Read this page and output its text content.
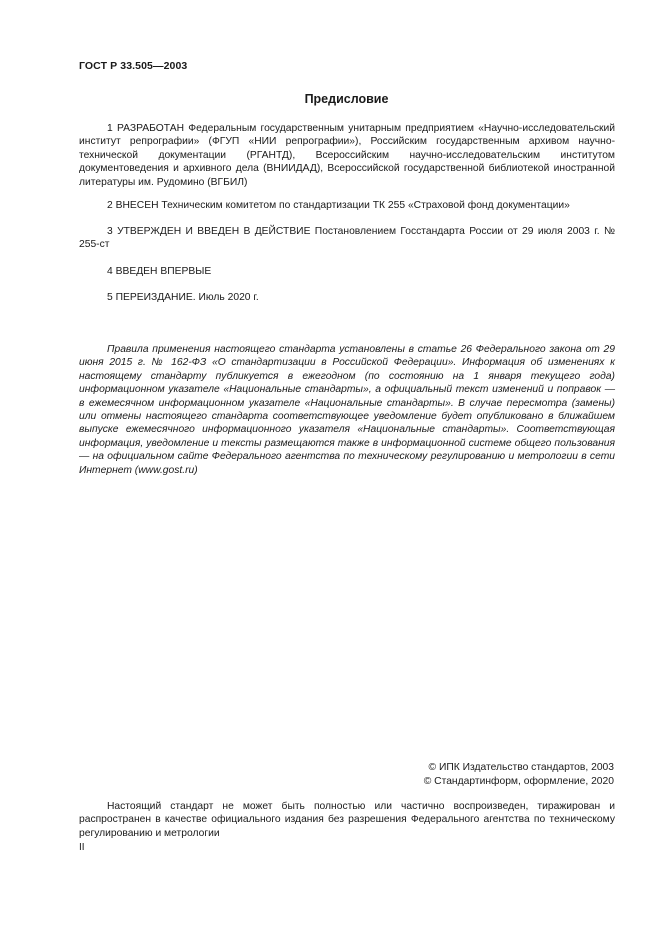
ГОСТ Р 33.505—2003
Предисловие

1 РАЗРАБОТАН Федеральным государственным унитарным предприятием «Научно-исследовательский институт репрографии» (ФГУП «НИИ репрографии»), Российским государственным архивом научно-технической документации (РГАНТД), Всероссийским научно-исследовательским институтом документоведения и архивного дела (ВНИИДАД), Всероссийской государственной библиотекой иностранной литературы им. Рудомино (ВГБИЛ)

2 ВНЕСЕН Техническим комитетом по стандартизации ТК 255 «Страховой фонд документации»

3 УТВЕРЖДЕН И ВВЕДЕН В ДЕЙСТВИЕ Постановлением Госстандарта России от 29 июля 2003 г. № 255-ст

4 ВВЕДЕН ВПЕРВЫЕ

5 ПЕРЕИЗДАНИЕ. Июль 2020 г.

Правила применения настоящего стандарта установлены в статье 26 Федерального закона от 29 июня 2015 г. № 162-ФЗ «О стандартизации в Российской Федерации». Информация об изменениях к настоящему стандарту публикуется в ежегодном (по состоянию на 1 января текущего года) информационном указателе «Национальные стандарты», а официальный текст изменений и поправок — в ежемесячном информационном указателе «Национальные стандарты». В случае пересмотра (замены) или отмены настоящего стандарта соответствующее уведомление будет опубликовано в ближайшем выпуске ежемесячного информационного указателя «Национальные стандарты». Соответствующая информация, уведомление и тексты размещаются также в информационной системе общего пользования — на официальном сайте Федерального агентства по техническому регулированию и метрологии в сети Интернет (www.gost.ru)

© ИПК Издательство стандартов, 2003
© Стандартинформ, оформление, 2020

Настоящий стандарт не может быть полностью или частично воспроизведен, тиражирован и распространен в качестве официального издания без разрешения Федерального агентства по техническому регулированию и метрологии

II
